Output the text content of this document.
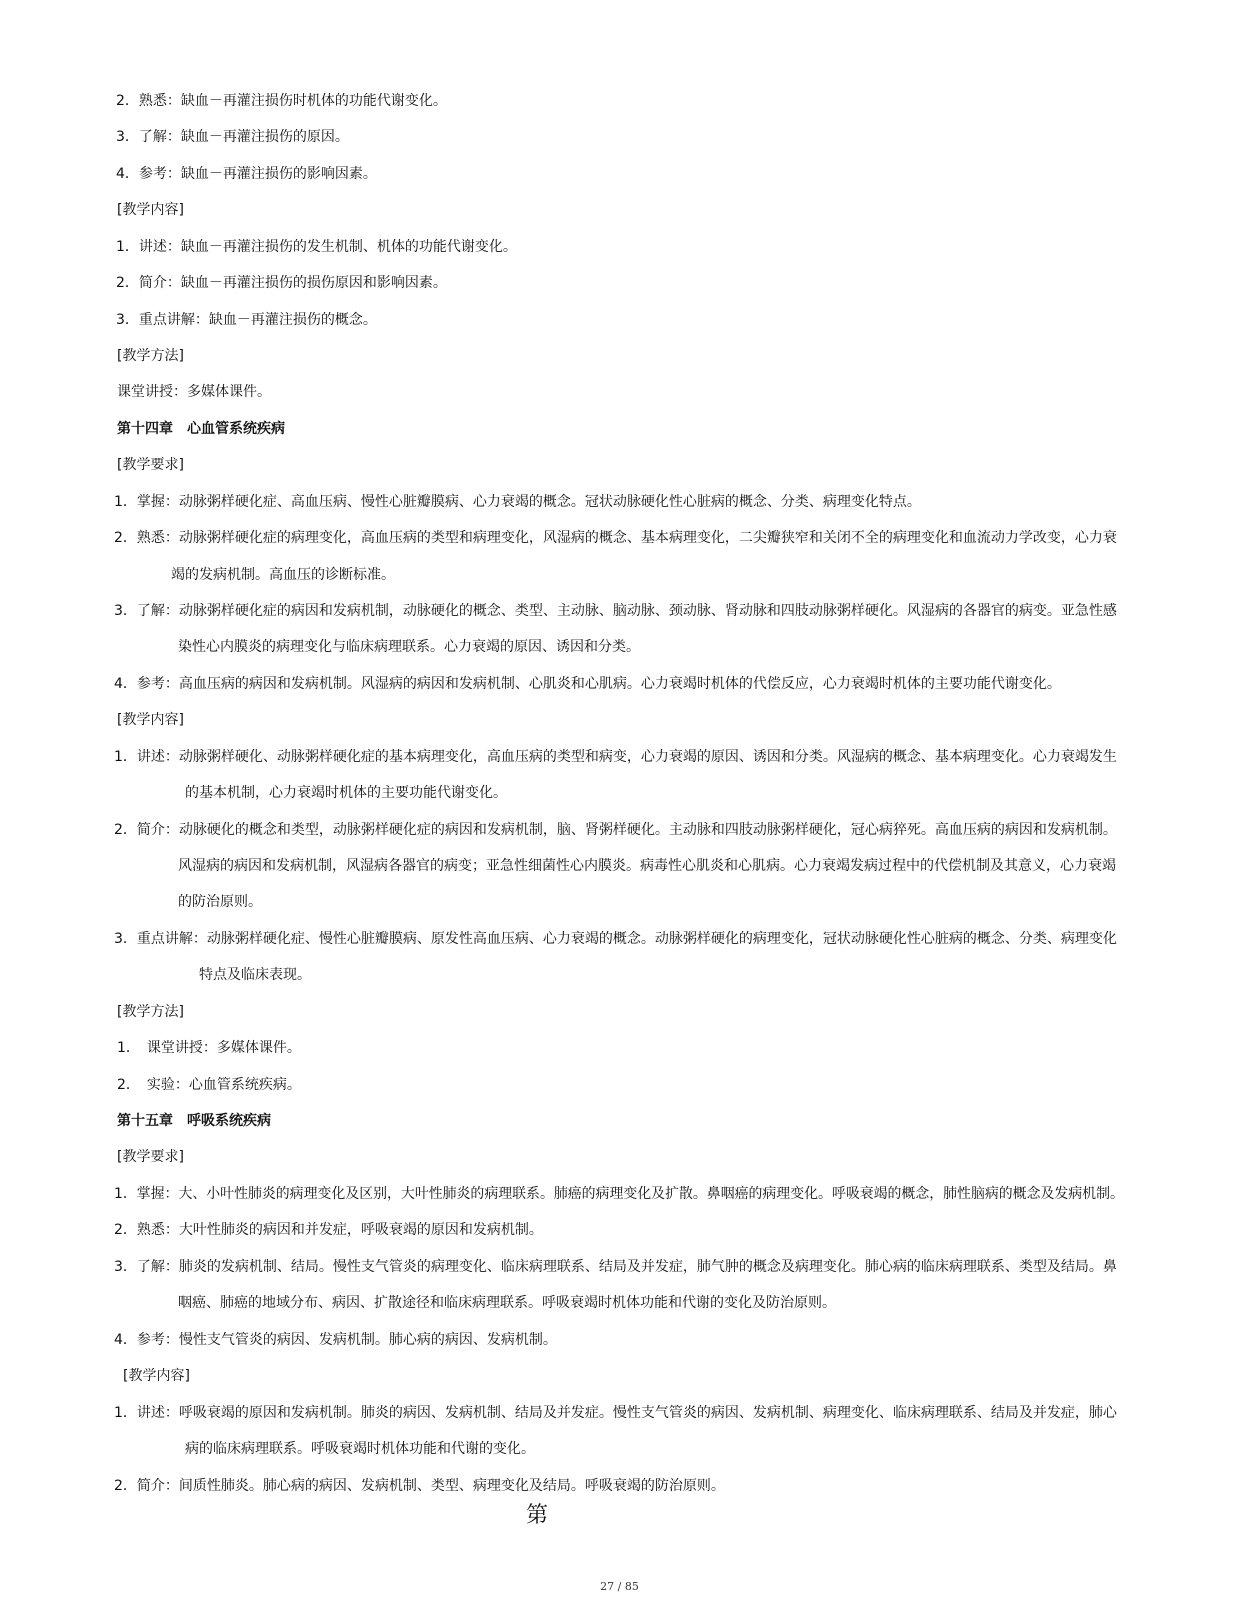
2．熟悉：缺血－再灌注损伤时机体的功能代谢变化。
3．了解：缺血－再灌注损伤的原因。
4．参考：缺血－再灌注损伤的影响因素。
[教学内容]
1．讲述：缺血－再灌注损伤的发生机制、机体的功能代谢变化。
2．简介：缺血－再灌注损伤的损伤原因和影响因素。
3．重点讲解：缺血－再灌注损伤的概念。
[教学方法]
课堂讲授：多媒体课件。
第十四章　心血管系统疾病
[教学要求]
1．掌握：动脉粥样硬化症、高血压病、慢性心脏瓣膜病、心力衰竭的概念。冠状动脉硬化性心脏病的概念、分类、病理变化特点。
2．熟悉：动脉粥样硬化症的病理变化，高血压病的类型和病理变化，风湿病的概念、基本病理变化，二尖瓣狭窄和关闭不全的病理变化和血流动力学改变，心力衰
竭的发病机制。高血压的诊断标准。
3．了解：动脉粥样硬化症的病因和发病机制，动脉硬化的概念、类型、主动脉、脑动脉、颈动脉、肾动脉和四肢动脉粥样硬化。风湿病的各器官的病变。亚急性感
染性心内膜炎的病理变化与临床病理联系。心力衰竭的原因、诱因和分类。
4．参考：高血压病的病因和发病机制。风湿病的病因和发病机制、心肌炎和心肌病。心力衰竭时机体的代偿反应，心力衰竭时机体的主要功能代谢变化。
[教学内容]
1．讲述：动脉粥样硬化、动脉粥样硬化症的基本病理变化，高血压病的类型和病变，心力衰竭的原因、诱因和分类。风湿病的概念、基本病理变化。心力衰竭发生
的基本机制，心力衰竭时机体的主要功能代谢变化。
2．简介：动脉硬化的概念和类型，动脉粥样硬化症的病因和发病机制，脑、肾粥样硬化。主动脉和四肢动脉粥样硬化，冠心病猝死。高血压病的病因和发病机制。
风湿病的病因和发病机制，风湿病各器官的病变；亚急性细菌性心内膜炎。病毒性心肌炎和心肌病。心力衰竭发病过程中的代偿机制及其意义，心力衰竭
的防治原则。
3．重点讲解：动脉粥样硬化症、慢性心脏瓣膜病、原发性高血压病、心力衰竭的概念。动脉粥样硬化的病理变化，冠状动脉硬化性心脏病的概念、分类、病理变化
特点及临床表现。
[教学方法]
1．　课堂讲授：多媒体课件。
2．　实验：心血管系统疾病。
第十五章　呼吸系统疾病
[教学要求]
1．掌握：大、小叶性肺炎的病理变化及区别，大叶性肺炎的病理联系。肺癌的病理变化及扩散。鼻咽癌的病理变化。呼吸衰竭的概念，肺性脑病的概念及发病机制。
2．熟悉：大叶性肺炎的病因和并发症，呼吸衰竭的原因和发病机制。
3．了解：肺炎的发病机制、结局。慢性支气管炎的病理变化、临床病理联系、结局及并发症，肺气肿的概念及病理变化。肺心病的临床病理联系、类型及结局。鼻
咽癌、肺癌的地域分布、病因、扩散途径和临床病理联系。呼吸衰竭时机体功能和代谢的变化及防治原则。
4．参考：慢性支气管炎的病因、发病机制。肺心病的病因、发病机制。
[教学内容]
1．讲述：呼吸衰竭的原因和发病机制。肺炎的病因、发病机制、结局及并发症。慢性支气管炎的病因、发病机制、病理变化、临床病理联系、结局及并发症，肺心
病的临床病理联系。呼吸衰竭时机体功能和代谢的变化。
2．简介：间质性肺炎。肺心病的病因、发病机制、类型、病理变化及结局。呼吸衰竭的防治原则。
第
27 / 85
